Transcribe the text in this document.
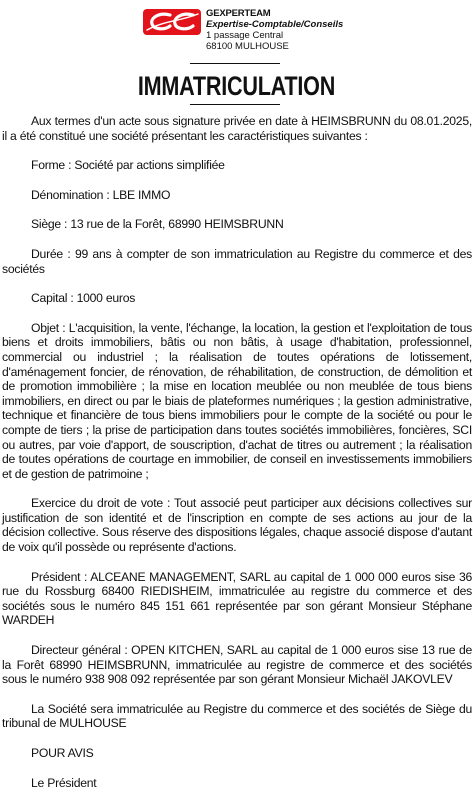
GEXPERTEAM
Expertise-Comptable/Conseils
1 passage Central
68100 MULHOUSE
IMMATRICULATION

Aux termes d'un acte sous signature privée en date à HEIMSBRUNN du 08.01.2025, il a été constitué une société présentant les caractéristiques suivantes :

Forme : Société par actions simplifiée

Dénomination : LBE IMMO

Siège : 13 rue de la Forêt, 68990 HEIMSBRUNN

Durée : 99 ans à compter de son immatriculation au Registre du commerce et des sociétés

Capital : 1000 euros

Objet : L'acquisition, la vente, l'échange, la location, la gestion et l'exploitation de tous biens et droits immobiliers, bâtis ou non bâtis, à usage d'habitation, professionnel, commercial ou industriel ; la réalisation de toutes opérations de lotissement, d'aménagement foncier, de rénovation, de réhabilitation, de construction, de démolition et de promotion immobilière ; la mise en location meublée ou non meublée de tous biens immobiliers, en direct ou par le biais de plateformes numériques ; la gestion administrative, technique et financière de tous biens immobiliers pour le compte de la société ou pour le compte de tiers ; la prise de participation dans toutes sociétés immobilières, foncières, SCI ou autres, par voie d'apport, de souscription, d'achat de titres ou autrement ; la réalisation de toutes opérations de courtage en immobilier, de conseil en investissements immobiliers et de gestion de patrimoine ;

Exercice du droit de vote : Tout associé peut participer aux décisions collectives sur justification de son identité et de l'inscription en compte de ses actions au jour de la décision collective. Sous réserve des dispositions légales, chaque associé dispose d'autant de voix qu'il possède ou représente d'actions.

Président : ALCEANE MANAGEMENT, SARL au capital de 1 000 000 euros sise 36 rue du Rossburg 68400 RIEDISHEIM, immatriculée au registre du commerce et des sociétés sous le numéro 845 151 661 représentée par son gérant Monsieur Stéphane WARDEH

Directeur général : OPEN KITCHEN, SARL au capital de 1 000 euros sise 13 rue de la Forêt 68990 HEIMSBRUNN, immatriculée au registre de commerce et des sociétés sous le numéro 938 908 092 représentée par son gérant Monsieur Michaël JAKOVLEV

La Société sera immatriculée au Registre du commerce et des sociétés de Siège du tribunal de MULHOUSE

POUR AVIS

Le Président
